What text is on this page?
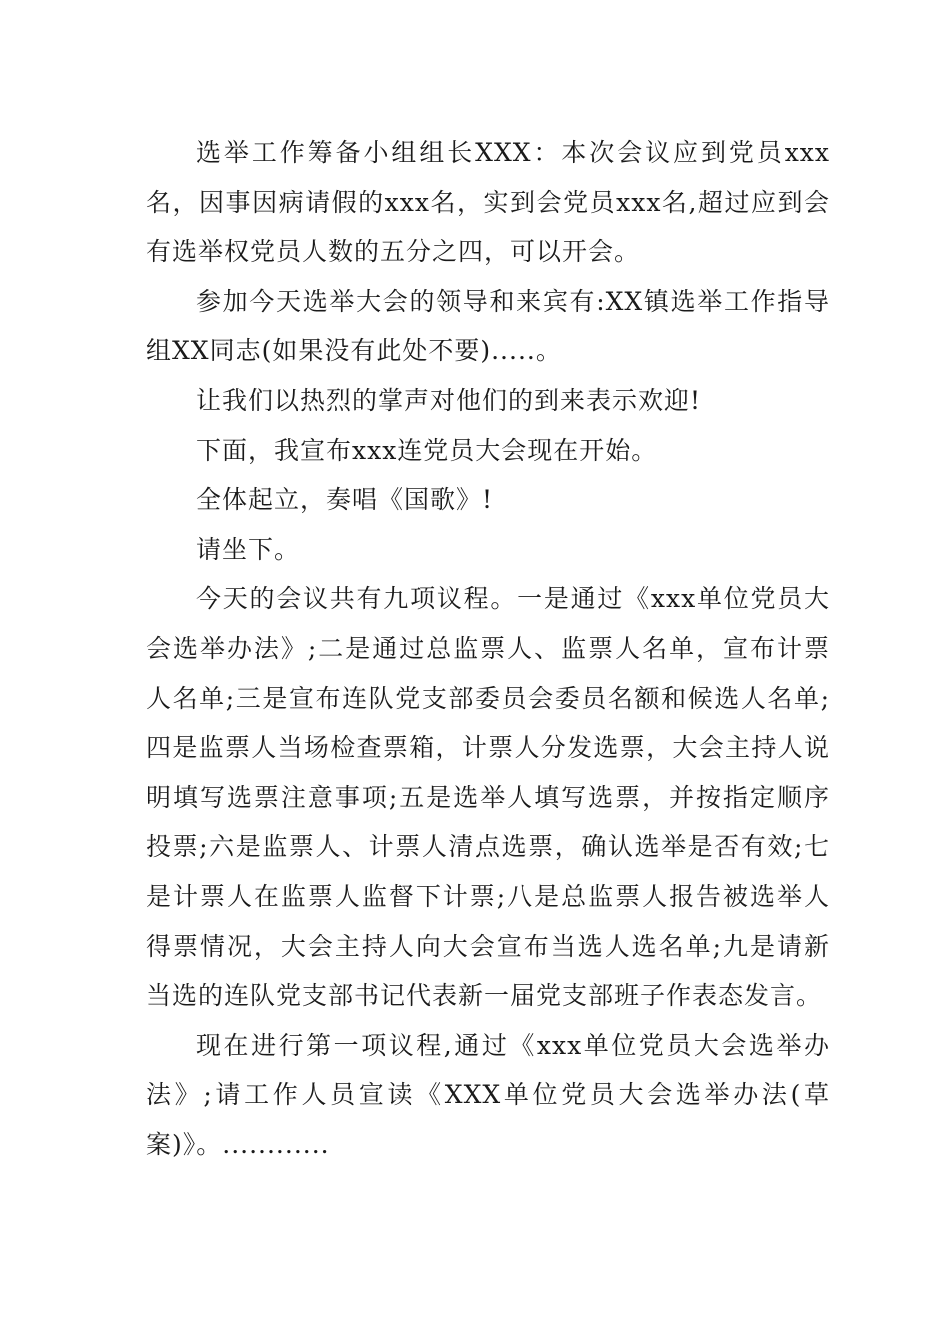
选举工作筹备小组组长XXX：本次会议应到党员xxx名，因事因病请假的xxx名，实到会党员xxx名,超过应到会有选举权党员人数的五分之四，可以开会。

参加今天选举大会的领导和来宾有:XX镇选举工作指导组XX同志(如果没有此处不要).....。

让我们以热烈的掌声对他们的到来表示欢迎!

下面，我宣布xxx连党员大会现在开始。

全体起立，奏唱《国歌》!

请坐下。

今天的会议共有九项议程。一是通过《xxx单位党员大会选举办法》;二是通过总监票人、监票人名单，宣布计票人名单;三是宣布连队党支部委员会委员名额和候选人名单;四是监票人当场检查票箱，计票人分发选票，大会主持人说明填写选票注意事项;五是选举人填写选票，并按指定顺序投票;六是监票人、计票人清点选票，确认选举是否有效;七是计票人在监票人监督下计票;八是总监票人报告被选举人得票情况，大会主持人向大会宣布当选人选名单;九是请新当选的连队党支部书记代表新一届党支部班子作表态发言。

现在进行第一项议程,通过《xxx单位党员大会选举办法》;请工作人员宣读《XXX单位党员大会选举办法(草案)》。............
